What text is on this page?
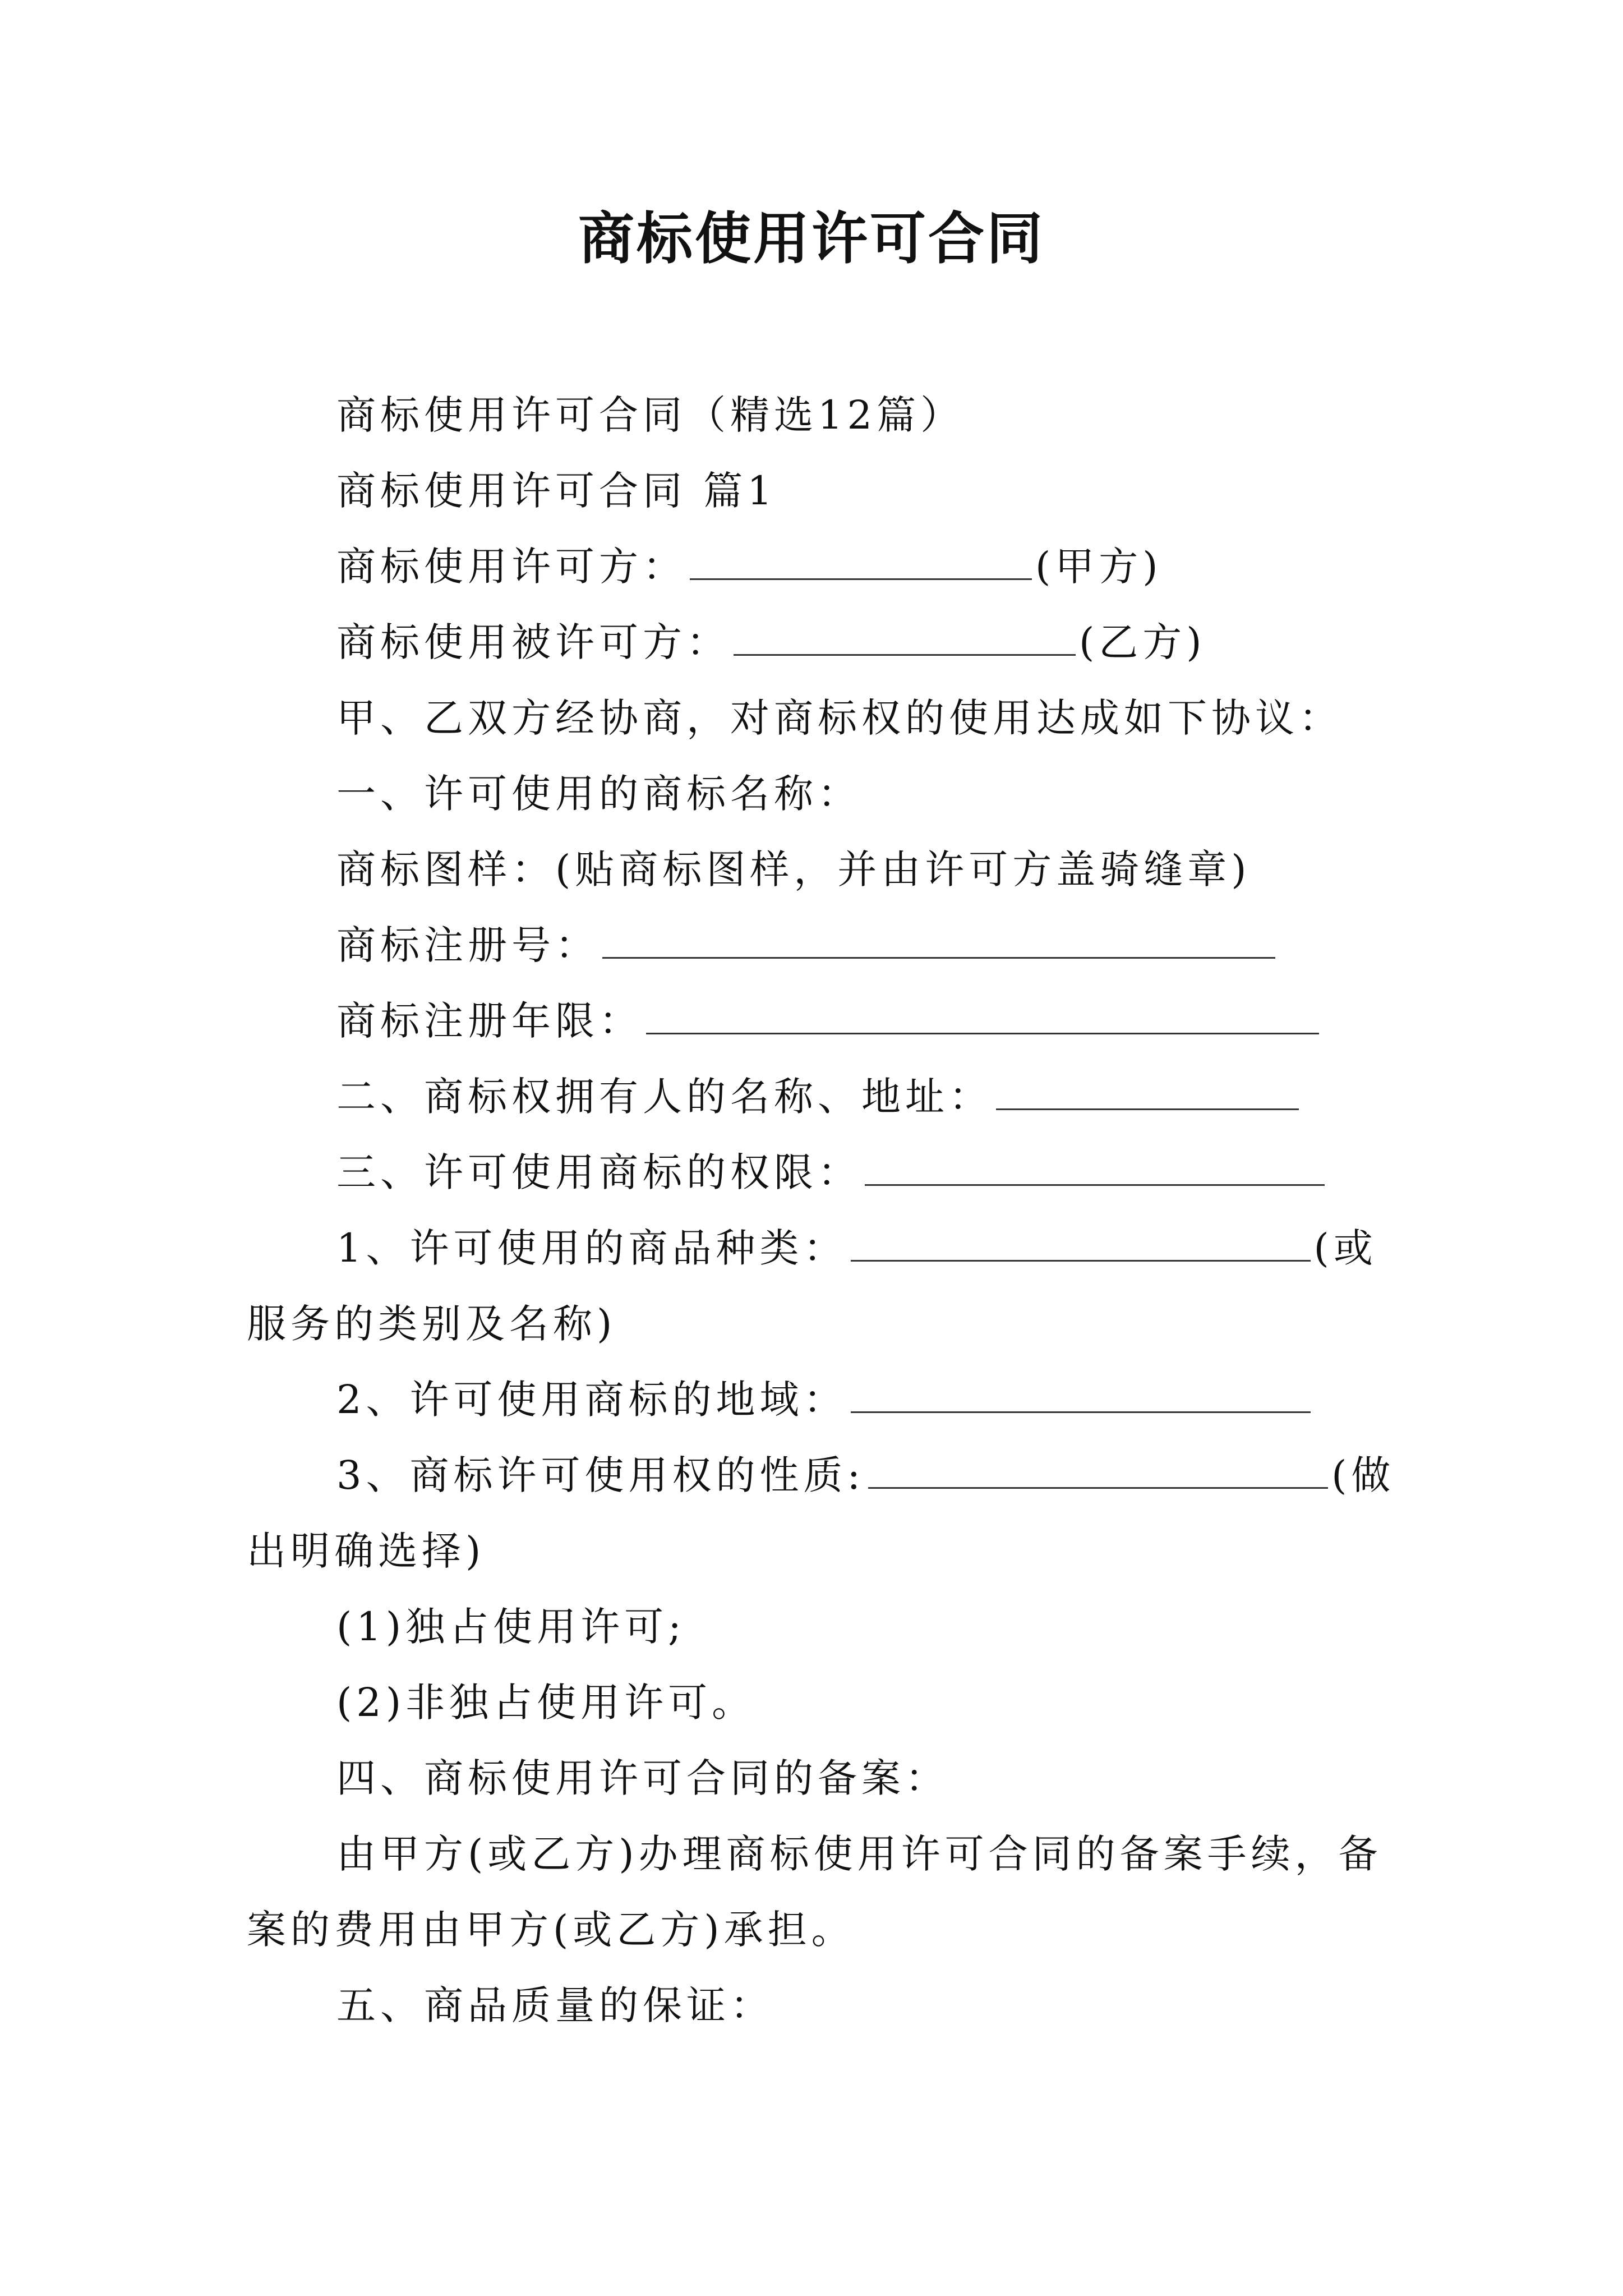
商标使用许可合同
商标使用许可合同（精选12篇）
商标使用许可合同 篇1
商标使用许可方：	(甲方)
商标使用被许可方：	(乙方)
甲、乙双方经协商，对商标权的使用达成如下协议：
一、许可使用的商标名称：
商标图样：(贴商标图样，并由许可方盖骑缝章)
商标注册号：
商标注册年限：
二、商标权拥有人的名称、地址：
三、许可使用商标的权限：
1、许可使用的商品种类：	(或
服务的类别及名称)
2、许可使用商标的地域：
3、商标许可使用权的性质:	(做
出明确选择)
(1)独占使用许可;
(2)非独占使用许可。
四、商标使用许可合同的备案：
由甲方(或乙方)办理商标使用许可合同的备案手续，备
案的费用由甲方(或乙方)承担。
五、商品质量的保证：
